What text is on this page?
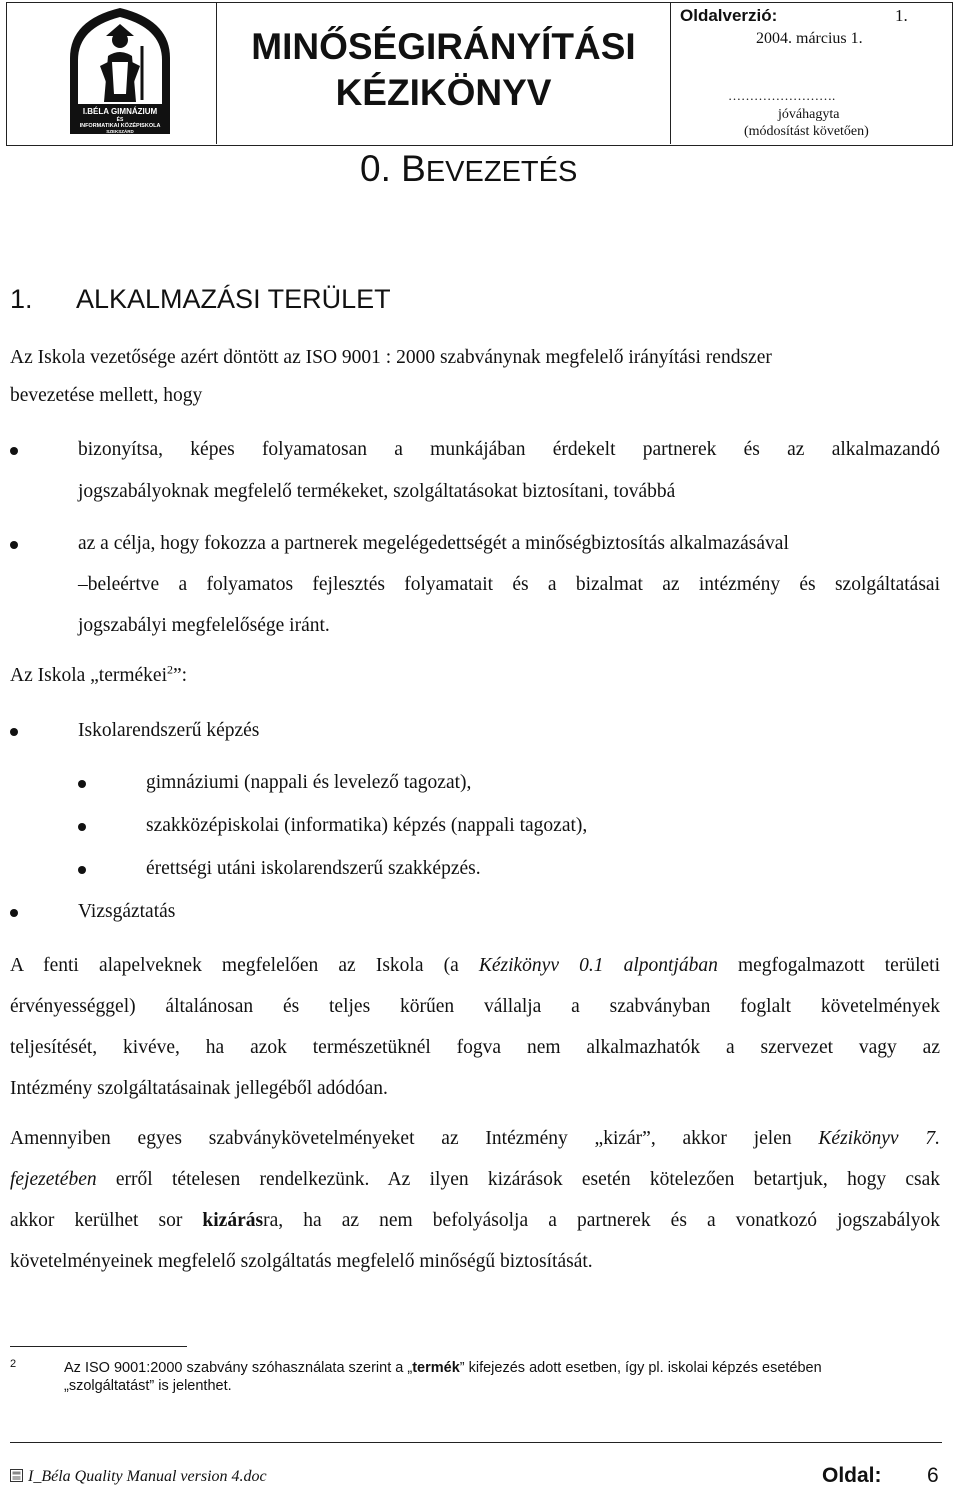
I.BÉLA GIMNÁZIUM
ÉS
INFORMATIKAI KÖZÉPISKOLA
SZEKSZÁRD
MINŐSÉGIRÁNYÍTÁSI
KÉZIKÖNYV
Oldalverzió:	1.
2004. március 1.
…………………….
jóváhagyta
(módosítást követően)
0. BEVEZETÉS
1. ALKALMAZÁSI TERÜLET
Az Iskola vezetősége azért döntött az ISO 9001 : 2000 szabványnak megfelelő irányítási rendszer
bevezetése mellett, hogy
bizonyítsa, képes folyamatosan a munkájában érdekelt partnerek és az alkalmazandó
jogszabályoknak megfelelő termékeket, szolgáltatásokat biztosítani, továbbá
az a célja, hogy fokozza a partnerek megelégedettségét a minőségbiztosítás alkalmazásával
–beleértve a folyamatos fejlesztés folyamatait és a bizalmat az intézmény és szolgáltatásai
jogszabályi megfelelősége iránt.
Az Iskola „termékei$^2$”:
Iskolarendszerű képzés
gimnáziumi (nappali és levelező tagozat),
szakközépiskolai (informatika) képzés (nappali tagozat),
érettségi utáni iskolarendszerű szakképzés.
Vizsgáztatás
A fenti alapelveknek megfelelően az Iskola (a Kézikönyv 0.1 alpontjában megfogalmazott területi
érvényességgel) általánosan és teljes körűen vállalja a szabványban foglalt követelmények
teljesítését, kivéve, ha azok természetüknél fogva nem alkalmazhatók a szervezet vagy az
Intézmény szolgáltatásainak jellegéből adódóan.
Amennyiben egyes szabványkövetelményeket az Intézmény „kizár”, akkor jelen Kézikönyv 7.
fejezetében erről tételesen rendelkezünk. Az ilyen kizárások esetén kötelezően betartjuk, hogy csak
akkor kerülhet sor kizárásra, ha az nem befolyásolja a partnerek és a vonatkozó jogszabályok
követelményeinek megfelelő szolgáltatás megfelelő minőségű biztosítását.
2	Az ISO 9001:2000 szabvány szóhasználata szerint a „termék” kifejezés adott esetben, így pl. iskolai képzés esetében
„szolgáltatást” is jelenthet.
I_Béla Quality Manual version 4.doc	Oldal: 6
